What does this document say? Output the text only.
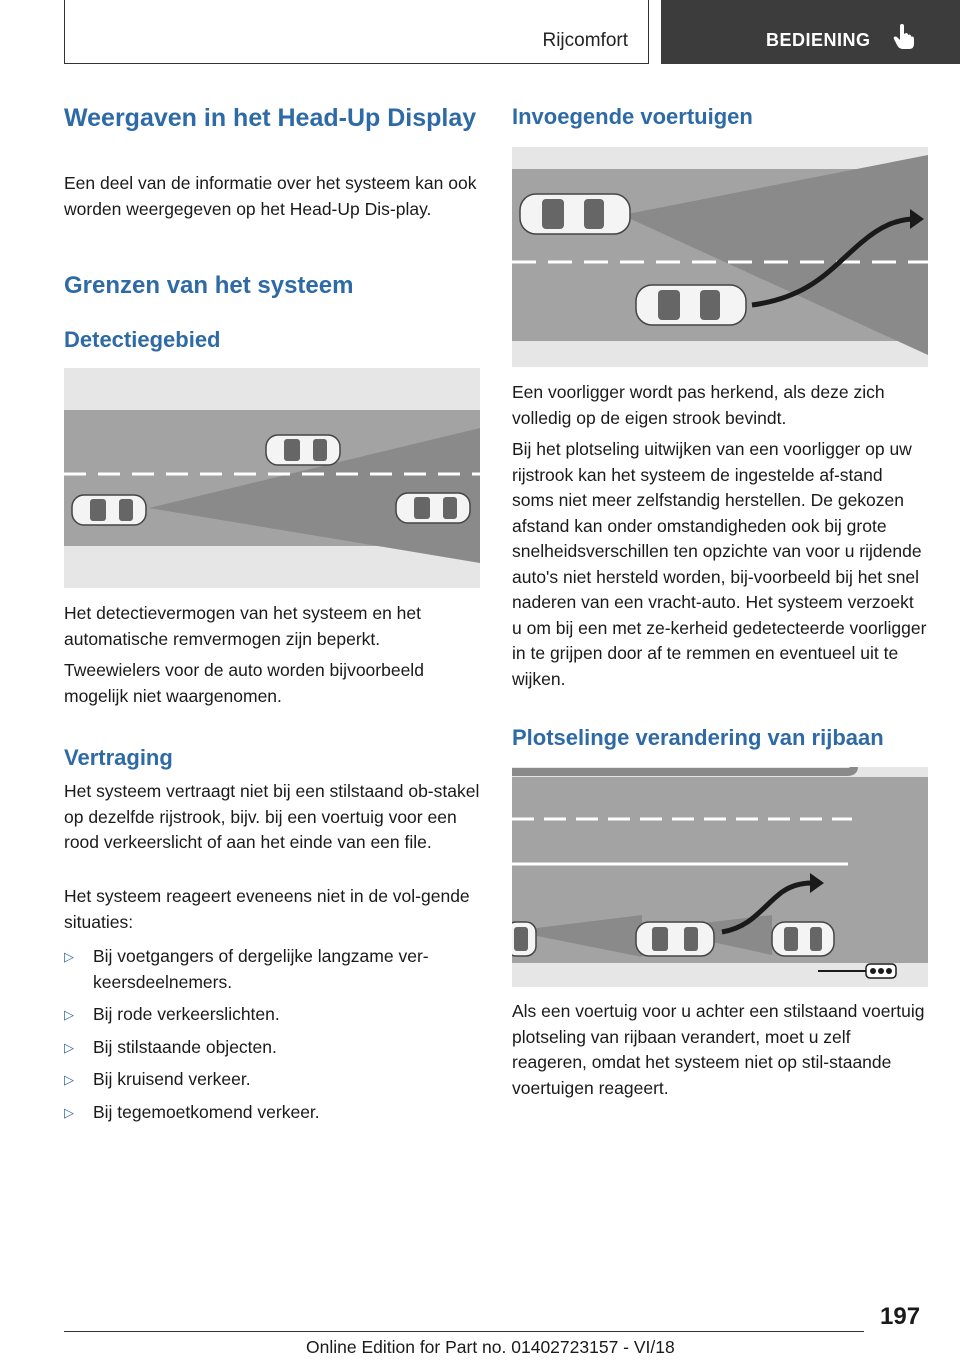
Rijcomfort	BEDIENING
Weergaven in het Head-Up Display

Een deel van de informatie over het systeem kan ook worden weergegeven op het Head-Up Dis-play.

Grenzen van het systeem
Detectiegebied

Het detectievermogen van het systeem en het automatische remvermogen zijn beperkt.

Tweewielers voor de auto worden bijvoorbeeld mogelijk niet waargenomen.

Vertraging

Het systeem vertraagt niet bij een stilstaand ob-stakel op dezelfde rijstrook, bijv. bij een voertuig voor een rood verkeerslicht of aan het einde van een file.

Het systeem reageert eveneens niet in de vol-gende situaties:

▷ Bij voetgangers of dergelijke langzame ver-keersdeelnemers.
▷ Bij rode verkeerslichten.
▷ Bij stilstaande objecten.
▷ Bij kruisend verkeer.
▷ Bij tegemoetkomend verkeer.
Invoegende voertuigen

Een voorligger wordt pas herkend, als deze zich volledig op de eigen strook bevindt.

Bij het plotseling uitwijken van een voorligger op uw rijstrook kan het systeem de ingestelde af-stand soms niet meer zelfstandig herstellen. De gekozen afstand kan onder omstandigheden ook bij grote snelheidsverschillen ten opzichte van voor u rijdende auto's niet hersteld worden, bij-voorbeeld bij het snel naderen van een vracht-auto. Het systeem verzoekt u om bij een met ze-kerheid gedetecteerde voorligger in te grijpen door af te remmen en eventueel uit te wijken.

Plotselinge verandering van rijbaan

Als een voertuig voor u achter een stilstaand voertuig plotseling van rijbaan verandert, moet u zelf reageren, omdat het systeem niet op stil-staande voertuigen reageert.

197
Online Edition for Part no. 01402723157 - VI/18
